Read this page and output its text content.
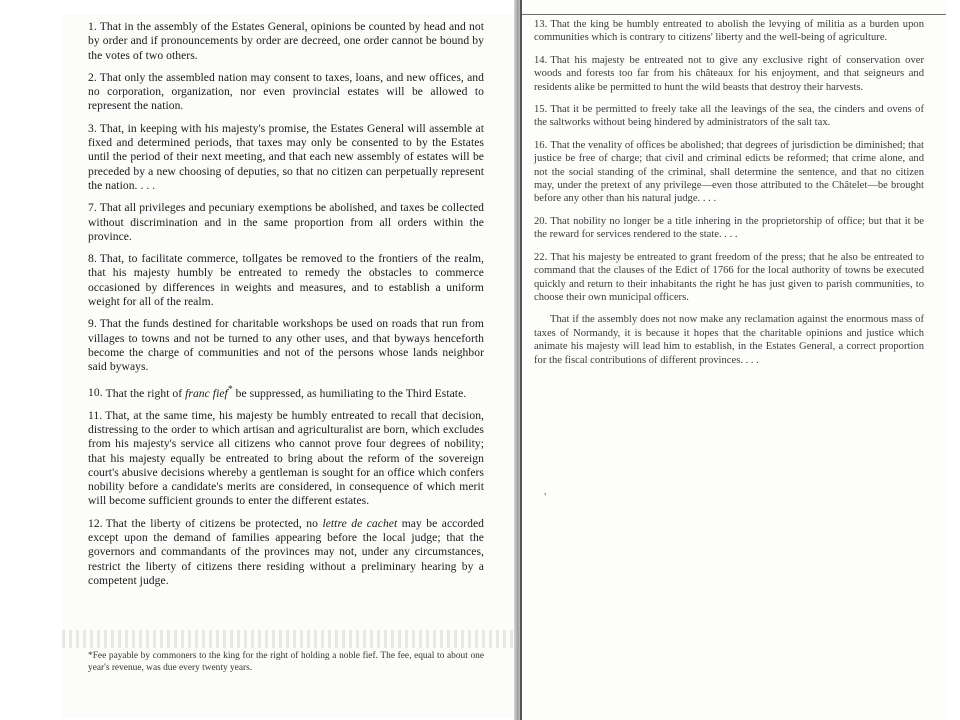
1. That in the assembly of the Estates General, opinions be counted by head and not by order and if pronouncements by order are decreed, one order cannot be bound by the votes of two others.

2. That only the assembled nation may consent to taxes, loans, and new offices, and no corporation, organization, nor even provincial estates will be allowed to represent the nation.

3. That, in keeping with his majesty's promise, the Estates General will assemble at fixed and determined periods, that taxes may only be consented to by the Estates until the period of their next meeting, and that each new assembly of estates will be preceded by a new choosing of deputies, so that no citizen can perpetually represent the nation. . . .

7. That all privileges and pecuniary exemptions be abolished, and taxes be collected without discrimination and in the same proportion from all orders within the province.

8. That, to facilitate commerce, tollgates be removed to the frontiers of the realm, that his majesty humbly be entreated to remedy the obstacles to commerce occasioned by differences in weights and measures, and to establish a uniform weight for all of the realm.

9. That the funds destined for charitable workshops be used on roads that run from villages to towns and not be turned to any other uses, and that byways henceforth become the charge of communities and not of the persons whose lands neighbor said byways.

10. That the right of franc fief* be suppressed, as humiliating to the Third Estate.

11. That, at the same time, his majesty be humbly entreated to recall that decision, distressing to the order to which artisan and agriculturalist are born, which excludes from his majesty's service all citizens who cannot prove four degrees of nobility; that his majesty equally be entreated to bring about the reform of the sovereign court's abusive decisions whereby a gentleman is sought for an office which confers nobility before a candidate's merits are considered, in consequence of which merit will become sufficient grounds to enter the different estates.

12. That the liberty of citizens be protected, no lettre de cachet may be accorded except upon the demand of families appearing before the local judge; that the governors and commandants of the provinces may not, under any circumstances, restrict the liberty of citizens there residing without a preliminary hearing by a competent judge.

*Fee payable by commoners to the king for the right of holding a noble fief. The fee, equal to about one year's revenue, was due every twenty years.

13. That the king be humbly entreated to abolish the levying of militia as a burden upon communities which is contrary to citizens' liberty and the well-being of agriculture.

14. That his majesty be entreated not to give any exclusive right of conservation over woods and forests too far from his châteaux for his enjoyment, and that seigneurs and residents alike be permitted to hunt the wild beasts that destroy their harvests.

15. That it be permitted to freely take all the leavings of the sea, the cinders and ovens of the saltworks without being hindered by administrators of the salt tax.

16. That the venality of offices be abolished; that degrees of jurisdiction be diminished; that justice be free of charge; that civil and criminal edicts be reformed; that crime alone, and not the social standing of the criminal, shall determine the sentence, and that no citizen may, under the pretext of any privilege—even those attributed to the Châtelet—be brought before any other than his natural judge. . . .

20. That nobility no longer be a title inhering in the proprietorship of office; but that it be the reward for services rendered to the state. . . .

22. That his majesty be entreated to grant freedom of the press; that he also be entreated to command that the clauses of the Edict of 1766 for the local authority of towns be executed quickly and return to their inhabitants the right he has just given to parish communities, to choose their own municipal officers.

That if the assembly does not now make any reclamation against the enormous mass of taxes of Normandy, it is because it hopes that the charitable opinions and justice which animate his majesty will lead him to establish, in the Estates General, a correct proportion for the fiscal contributions of different provinces. . . .

,
